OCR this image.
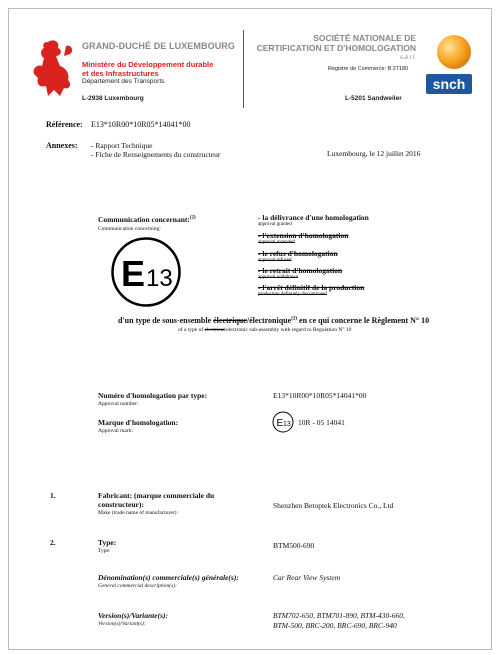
GRAND-DUCHÉ DE LUXEMBOURG
Ministère du Développement durable
et des Infrastructures
Département des Transports
L-2938 Luxembourg
SOCIÉTÉ NATIONALE DE
CERTIFICATION ET D'HOMOLOGATION
s.à r.l.
Registre de Commerce: B 27180
L-5201 Sandweiler
snch
Référence: E13*10R00*10R05*14041*00
Annexes: - Rapport Technique
- Fiche de Renseignements du constructeur	Luxembourg, le 12 juillet 2016
Communication concernant:$^{(2)}$
Communication concerning:
E 13
- la délivrance d'une homologation
approval granted
- l'extension d'homologation
approval extended
- le refus d'homologation
approval refused
- le retrait d'homologation
approval withdrawn
- l'arrêt définitif de la production
production definitely discontinued
d'un type de sous-ensemble électrique/électronique$^{(2)}$ en ce qui concerne le Règlement N° 10
of a type of electrical/electronic sub-assembly with regard to Regulation N° 10
Numéro d'homologation par type:
Approval number:
E13*10R00*10R05*14041*00
Marque d'homologation:
Approval mark:
E 13 10R - 05 14041
1.	Fabricant: (marque commerciale du
constructeur):
Make (trade name of manufacturer):
Shenzhen Betoptek Electronics Co., Ltd
2.	Type:
Type:
BTM500-690
Dénomination(s) commerciale(s) générale(s):
General commercial description(s):
Car Rear View System
Version(s)/Variante(s):
Version(s)/Variant(s):
BTM702-650, BTM701-890, BTM-430-660,
BTM-500, BRC-200, BRC-690, BRC-940
